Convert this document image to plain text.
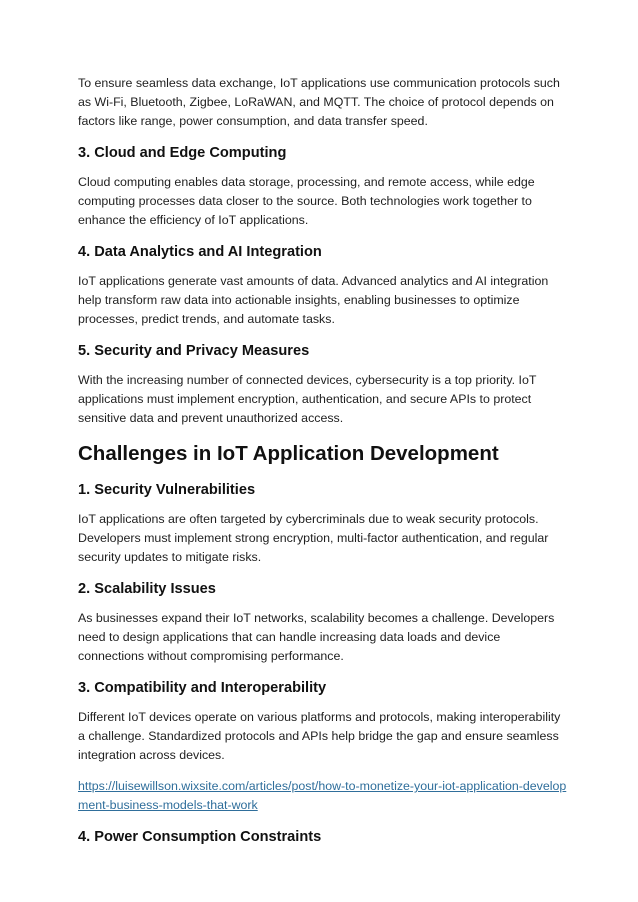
To ensure seamless data exchange, IoT applications use communication protocols such as Wi-Fi, Bluetooth, Zigbee, LoRaWAN, and MQTT. The choice of protocol depends on factors like range, power consumption, and data transfer speed.

3. Cloud and Edge Computing

Cloud computing enables data storage, processing, and remote access, while edge computing processes data closer to the source. Both technologies work together to enhance the efficiency of IoT applications.

4. Data Analytics and AI Integration

IoT applications generate vast amounts of data. Advanced analytics and AI integration help transform raw data into actionable insights, enabling businesses to optimize processes, predict trends, and automate tasks.

5. Security and Privacy Measures

With the increasing number of connected devices, cybersecurity is a top priority. IoT applications must implement encryption, authentication, and secure APIs to protect sensitive data and prevent unauthorized access.

Challenges in IoT Application Development
1. Security Vulnerabilities

IoT applications are often targeted by cybercriminals due to weak security protocols. Developers must implement strong encryption, multi-factor authentication, and regular security updates to mitigate risks.

2. Scalability Issues

As businesses expand their IoT networks, scalability becomes a challenge. Developers need to design applications that can handle increasing data loads and device connections without compromising performance.

3. Compatibility and Interoperability

Different IoT devices operate on various platforms and protocols, making interoperability a challenge. Standardized protocols and APIs help bridge the gap and ensure seamless integration across devices.

https://luisewillson.wixsite.com/articles/post/how-to-monetize-your-iot-application-development-business-models-that-work
4. Power Consumption Constraints
